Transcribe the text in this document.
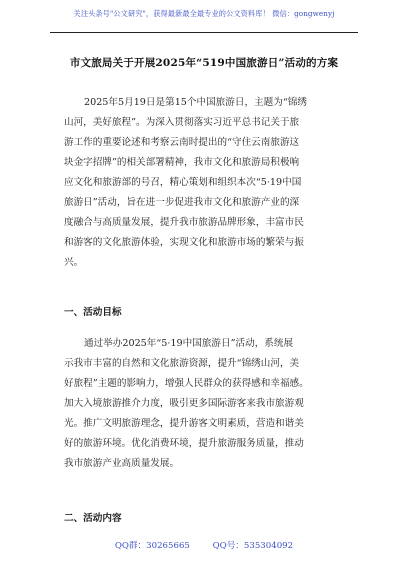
关注头条号"公文研究"，获得最新最全最专业的公文资料库！ 微信：gongwenyj
市文旅局关于开展2025年“519中国旅游日”活动的方案
2025年5月19日是第15个中国旅游日，主题为“锦绣
山河，美好旅程”。为深入贯彻落实习近平总书记关于旅
游工作的重要论述和考察云南时提出的“守住云南旅游这
块金字招牌”的相关部署精神，我市文化和旅游局积极响
应文化和旅游部的号召，精心策划和组织本次“5·19中国
旅游日”活动，旨在进一步促进我市文化和旅游产业的深
度融合与高质量发展，提升我市旅游品牌形象，丰富市民
和游客的文化旅游体验，实现文化和旅游市场的繁荣与振
兴。
一、活动目标
通过举办2025年“5·19中国旅游日”活动，系统展
示我市丰富的自然和文化旅游资源，提升“锦绣山河，美
好旅程”主题的影响力，增强人民群众的获得感和幸福感。
加大入境旅游推介力度，吸引更多国际游客来我市旅游观
光。推广文明旅游理念，提升游客文明素质，营造和谐美
好的旅游环境。优化消费环境，提升旅游服务质量，推动
我市旅游产业高质量发展。
二、活动内容
QQ群：30265665	QQ号：535304092
